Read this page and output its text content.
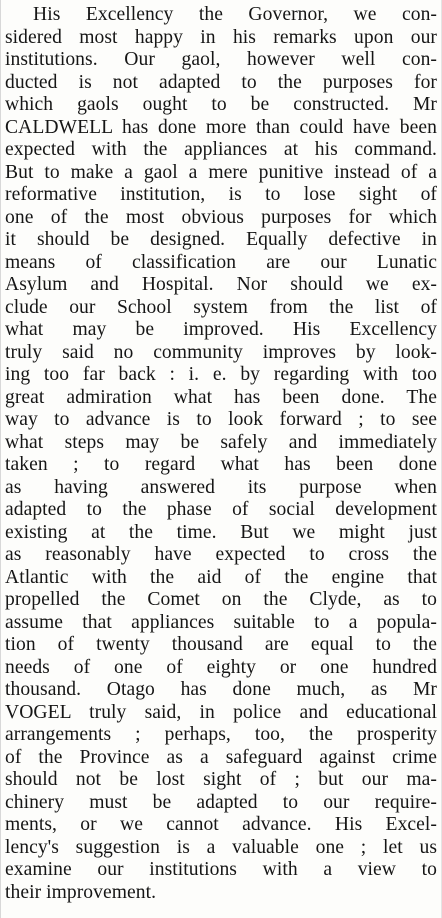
His Excellency the Governor, we con-
sidered most happy in his remarks upon our
institutions. Our gaol, however well con-
ducted is not adapted to the purposes for
which gaols ought to be constructed. Mr
CALDWELL has done more than could have been
expected with the appliances at his command.
But to make a gaol a mere punitive instead of a
reformative institution, is to lose sight of
one of the most obvious purposes for which
it should be designed. Equally defective in
means of classification are our Lunatic
Asylum and Hospital. Nor should we ex-
clude our School system from the list of
what may be improved. His Excellency
truly said no community improves by look-
ing too far back : i. e. by regarding with too
great admiration what has been done. The
way to advance is to look forward ; to see
what steps may be safely and immediately
taken ; to regard what has been done
as having answered its purpose when
adapted to the phase of social development
existing at the time. But we might just
as reasonably have expected to cross the
Atlantic with the aid of the engine that
propelled the Comet on the Clyde, as to
assume that appliances suitable to a popula-
tion of twenty thousand are equal to the
needs of one of eighty or one hundred
thousand. Otago has done much, as Mr
VOGEL truly said, in police and educational
arrangements ; perhaps, too, the prosperity
of the Province as a safeguard against crime
should not be lost sight of ; but our ma-
chinery must be adapted to our require-
ments, or we cannot advance. His Excel-
lency's suggestion is a valuable one ; let us
examine our institutions with a view to
their improvement.
